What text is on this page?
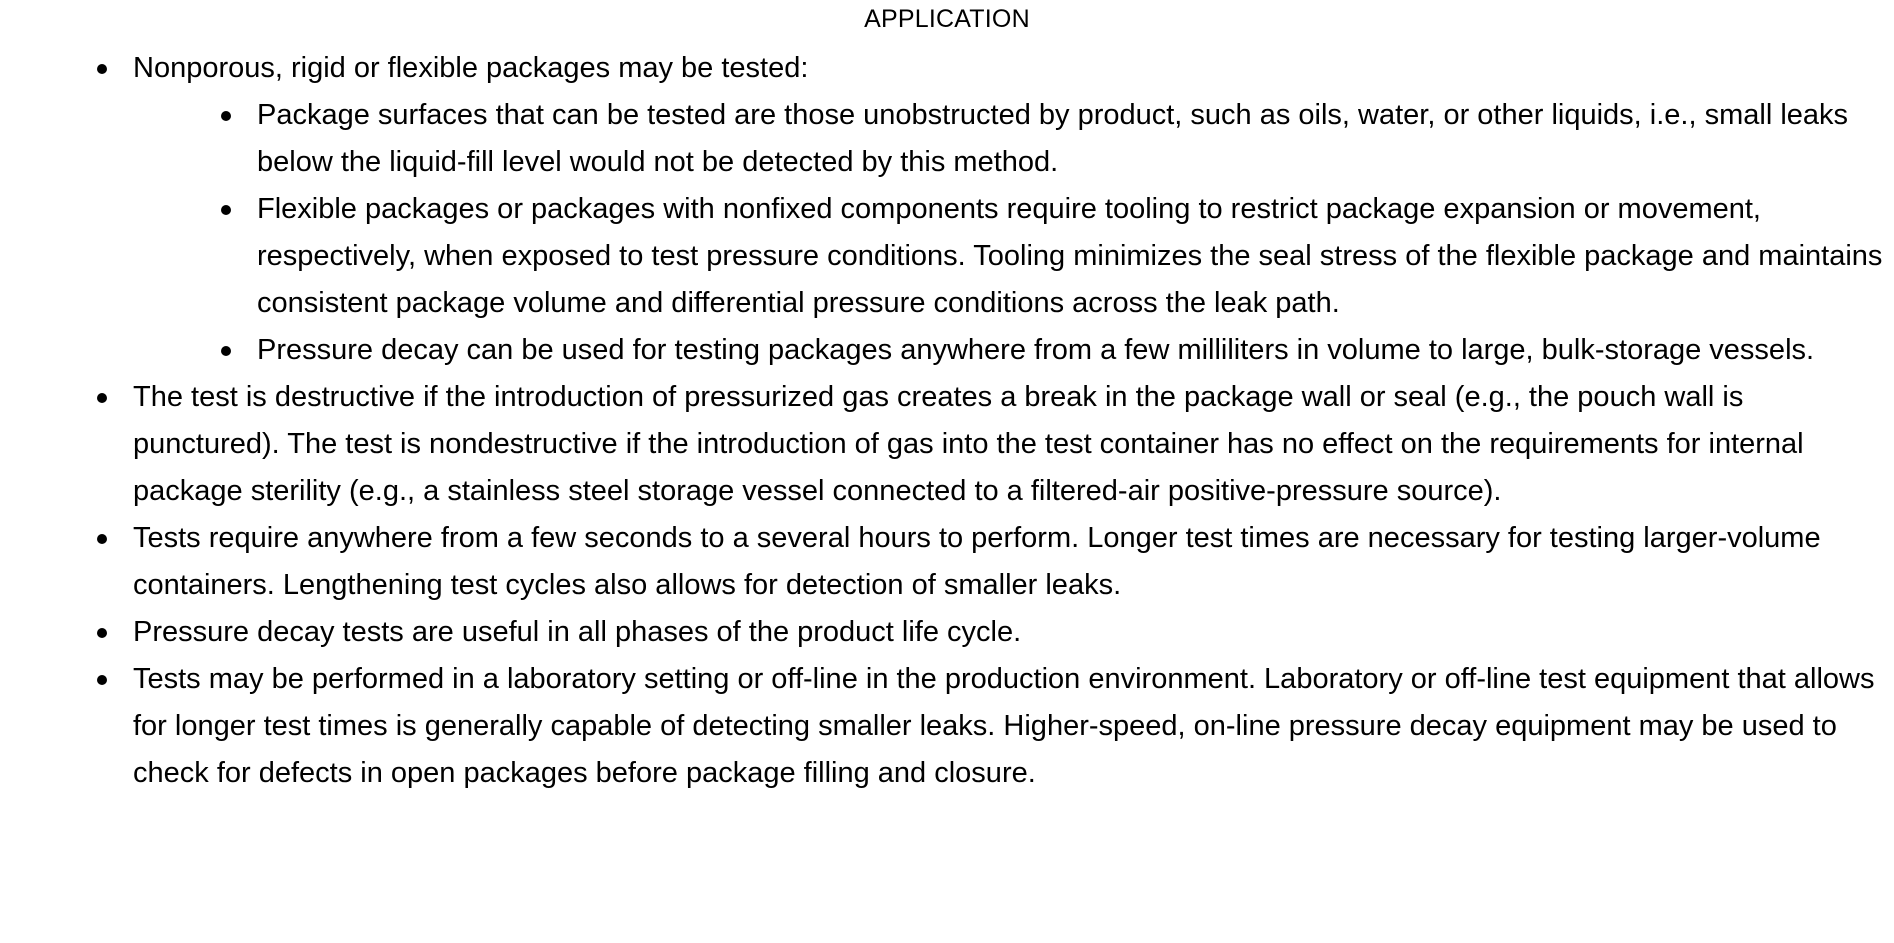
APPLICATION
Nonporous, rigid or flexible packages may be tested:
Package surfaces that can be tested are those unobstructed by product, such as oils, water, or other liquids, i.e., small leaks below the liquid-fill level would not be detected by this method.
Flexible packages or packages with nonfixed components require tooling to restrict package expansion or movement, respectively, when exposed to test pressure conditions. Tooling minimizes the seal stress of the flexible package and maintains consistent package volume and differential pressure conditions across the leak path.
Pressure decay can be used for testing packages anywhere from a few milliliters in volume to large, bulk-storage vessels.
The test is destructive if the introduction of pressurized gas creates a break in the package wall or seal (e.g., the pouch wall is punctured). The test is nondestructive if the introduction of gas into the test container has no effect on the requirements for internal package sterility (e.g., a stainless steel storage vessel connected to a filtered-air positive-pressure source).
Tests require anywhere from a few seconds to a several hours to perform. Longer test times are necessary for testing larger-volume containers. Lengthening test cycles also allows for detection of smaller leaks.
Pressure decay tests are useful in all phases of the product life cycle.
Tests may be performed in a laboratory setting or off-line in the production environment. Laboratory or off-line test equipment that allows for longer test times is generally capable of detecting smaller leaks. Higher-speed, on-line pressure decay equipment may be used to check for defects in open packages before package filling and closure.
